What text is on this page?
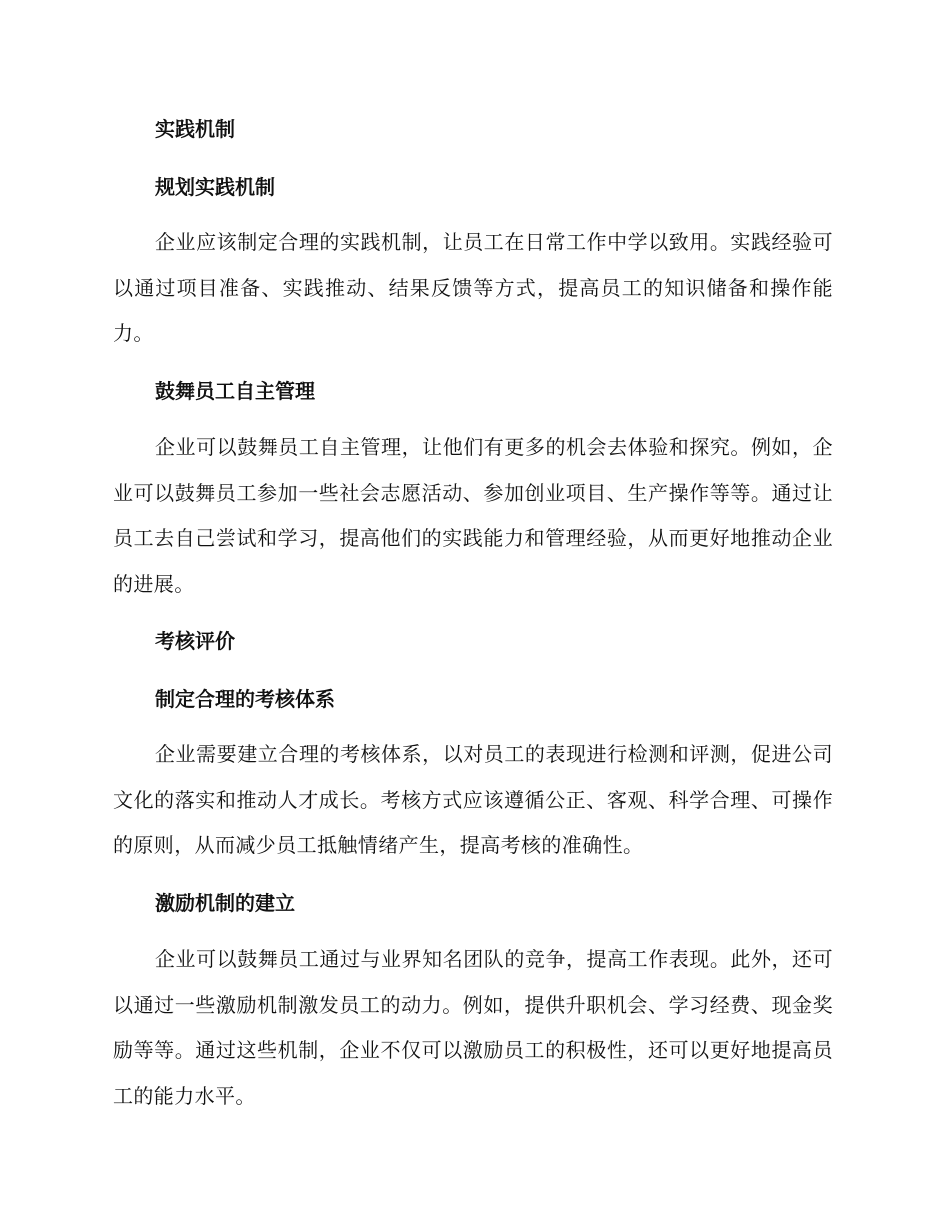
实践机制
规划实践机制
企业应该制定合理的实践机制，让员工在日常工作中学以致用。实践经验可以通过项目准备、实践推动、结果反馈等方式，提高员工的知识储备和操作能力。
鼓舞员工自主管理
企业可以鼓舞员工自主管理，让他们有更多的机会去体验和探究。例如，企业可以鼓舞员工参加一些社会志愿活动、参加创业项目、生产操作等等。通过让员工去自己尝试和学习，提高他们的实践能力和管理经验，从而更好地推动企业的进展。
考核评价
制定合理的考核体系
企业需要建立合理的考核体系，以对员工的表现进行检测和评测，促进公司文化的落实和推动人才成长。考核方式应该遵循公正、客观、科学合理、可操作的原则，从而减少员工抵触情绪产生，提高考核的准确性。
激励机制的建立
企业可以鼓舞员工通过与业界知名团队的竞争，提高工作表现。此外，还可以通过一些激励机制激发员工的动力。例如，提供升职机会、学习经费、现金奖励等等。通过这些机制，企业不仅可以激励员工的积极性，还可以更好地提高员工的能力水平。
